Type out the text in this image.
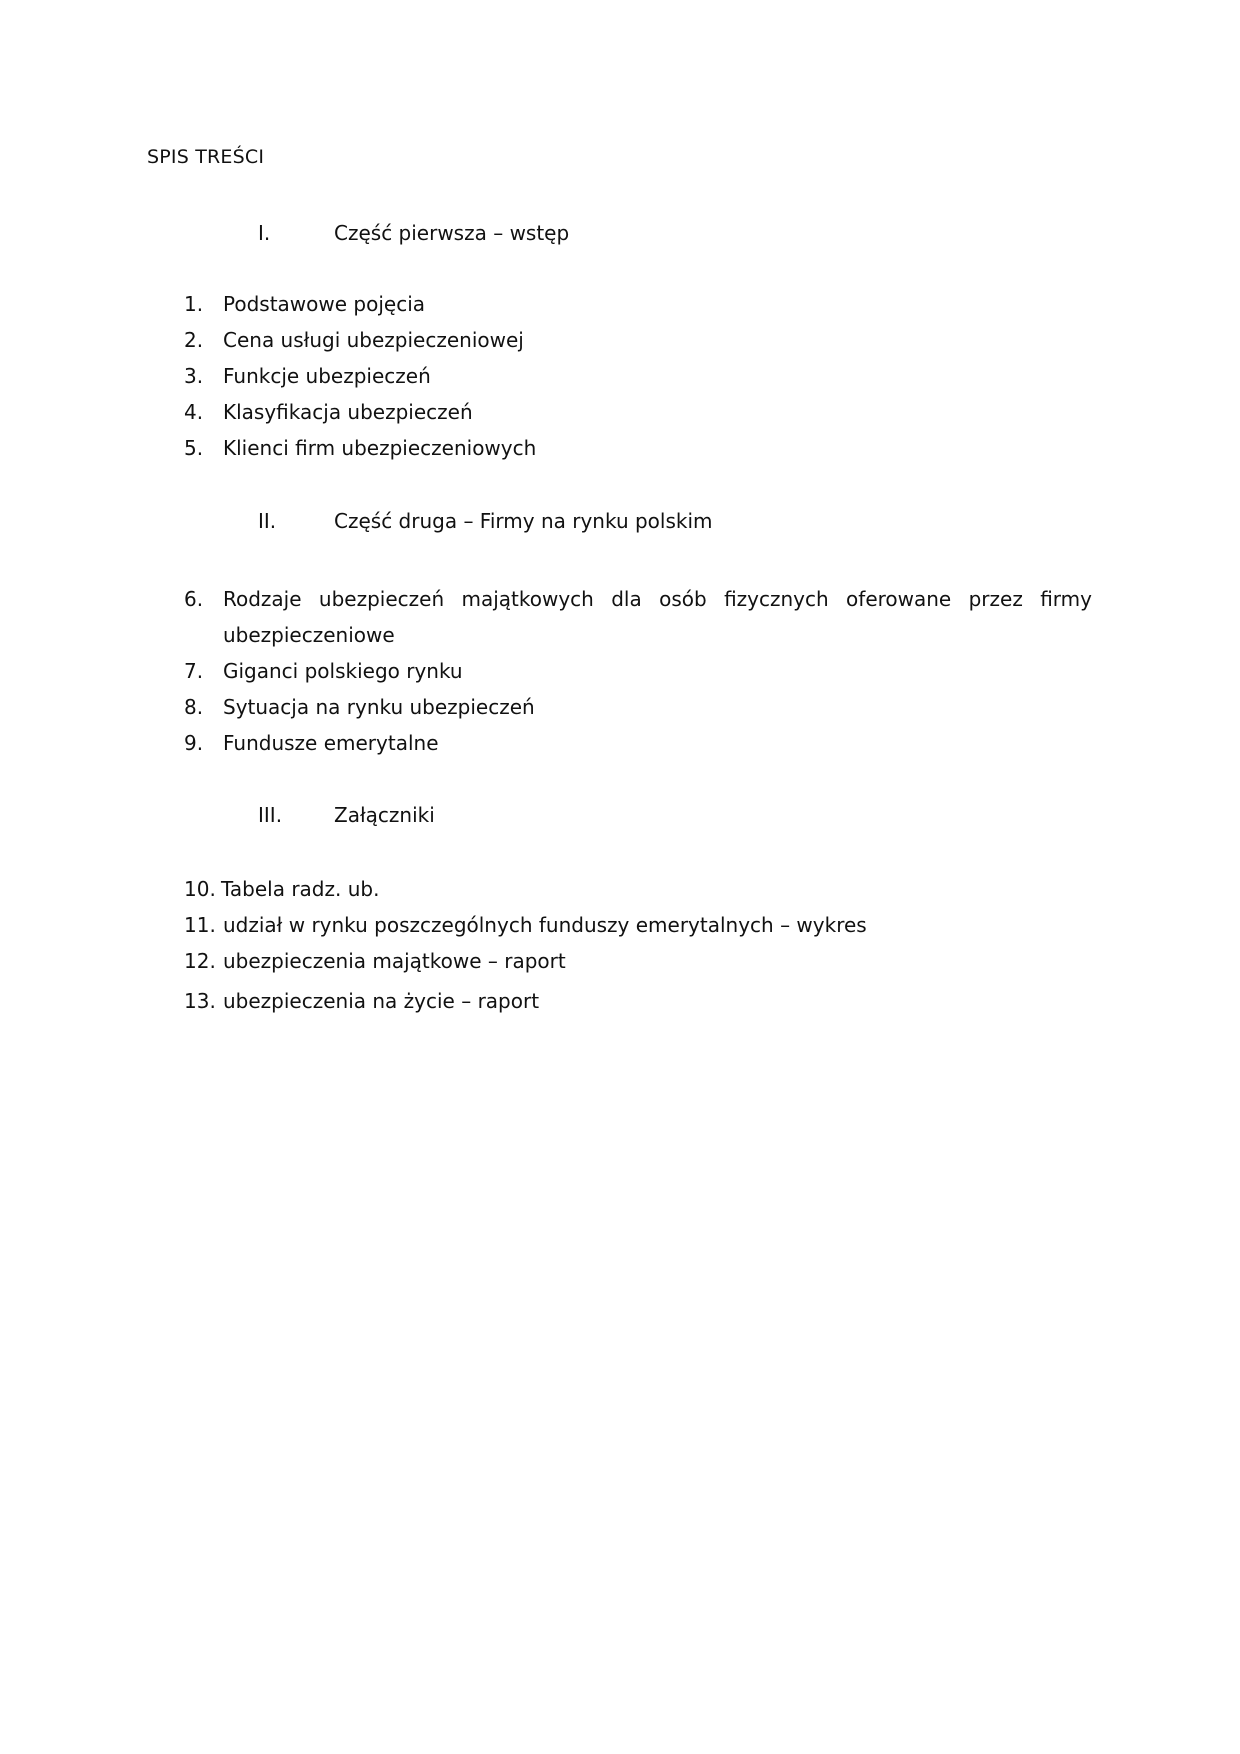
SPIS TREŚCI
I.	Część pierwsza – wstęp
1. Podstawowe pojęcia
2. Cena usługi ubezpieczeniowej
3. Funkcje ubezpieczeń
4. Klasyfikacja ubezpieczeń
5. Klienci firm ubezpieczeniowych
II.	Część druga – Firmy na rynku polskim
6. Rodzaje ubezpieczeń majątkowych dla osób fizycznych oferowane przez firmy
ubezpieczeniowe
7. Giganci polskiego rynku
8. Sytuacja na rynku ubezpieczeń
9. Fundusze emerytalne
III.	Załączniki
10. Tabela radz. ub.
11. udział w rynku poszczególnych funduszy emerytalnych – wykres
12. ubezpieczenia majątkowe – raport
13. ubezpieczenia na życie – raport
